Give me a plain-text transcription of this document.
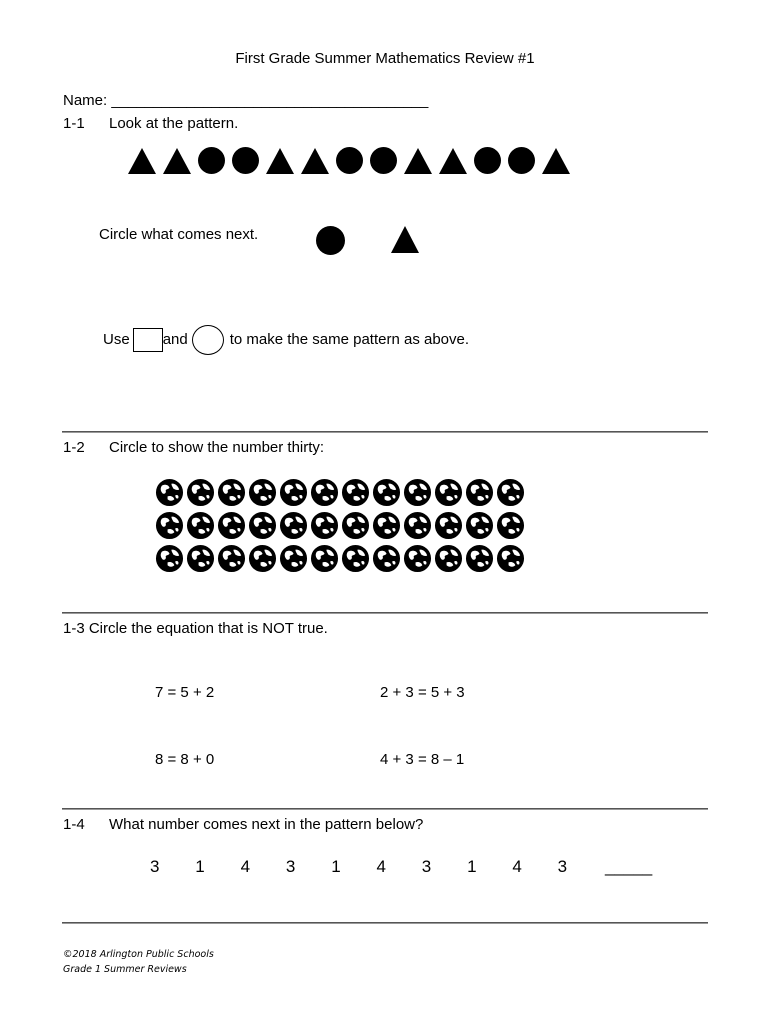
First Grade Summer Mathematics Review #1
Name: ______________________________________
1-1 Look at the pattern.
Circle what comes next.
Use and	to make the same pattern as above.
1-2 Circle to show the number thirty:
1-3 Circle the equation that is NOT true.
7 = 5 + 2	2 + 3 = 5 + 3
8 = 8 + 0	4 + 3 = 8 – 1
1-4 What number comes next in the pattern below?
3	1	4	3	1	4	3	1	4	3	_____
©2018 Arlington Public Schools
Grade 1 Summer Reviews
